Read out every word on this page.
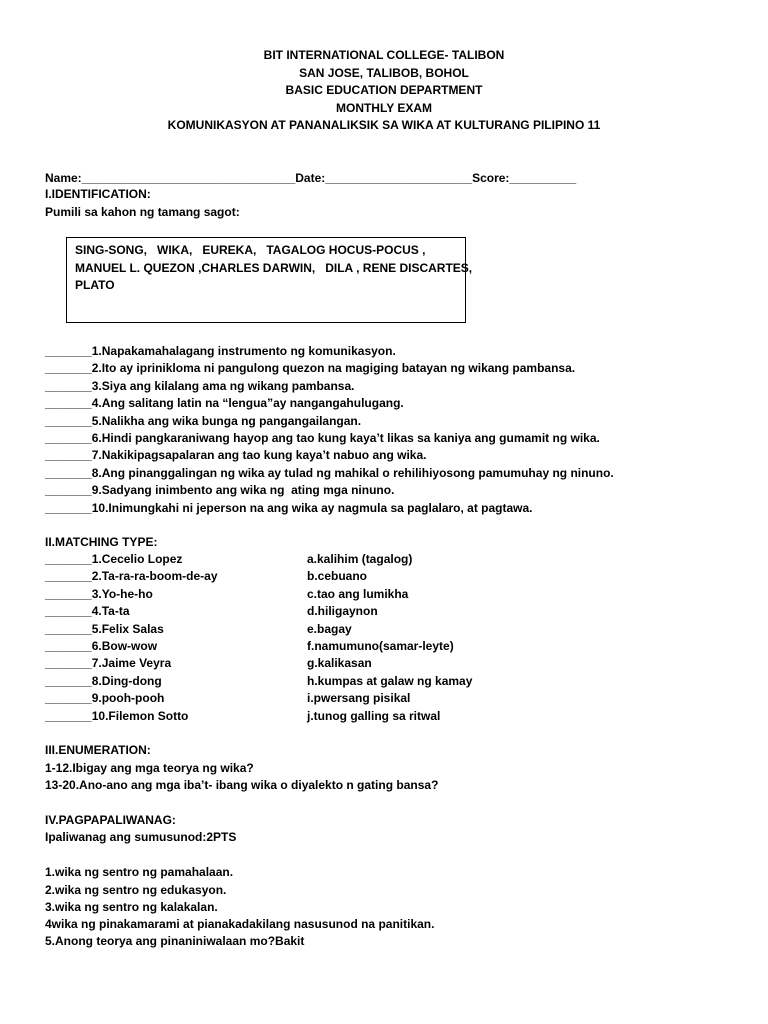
BIT INTERNATIONAL COLLEGE- TALIBON
SAN JOSE, TALIBOB, BOHOL
BASIC EDUCATION DEPARTMENT
MONTHLY EXAM
KOMUNIKASYON AT PANANALIKSIK SA WIKA AT KULTURANG PILIPINO 11
Name:________________________________Date:______________________Score:__________
I.IDENTIFICATION:
Pumili sa kahon ng tamang sagot:
SING-SONG,   WIKA,   EUREKA,   TAGALOG HOCUS-POCUS ,
MANUEL L. QUEZON ,CHARLES DARWIN,   DILA , RENE DISCARTES,
PLATO
_______1.Napakamahalagang instrumento ng komunikasyon.
_______2.Ito ay iprinikloma ni pangulong quezon na magiging batayan ng wikang pambansa.
_______3.Siya ang kilalang ama ng wikang pambansa.
_______4.Ang salitang latin na “lengua”ay nangangahulugang.
_______5.Nalikha ang wika bunga ng pangangailangan.
_______6.Hindi pangkaraniwang hayop ang tao kung kaya’t likas sa kaniya ang gumamit ng wika.
_______7.Nakikipagsapalaran ang tao kung kaya’t nabuo ang wika.
_______8.Ang pinanggalingan ng wika ay tulad ng mahikal o rehilihiyosong pamumuhay ng ninuno.
_______9.Sadyang inimbento ang wika ng  ating mga ninuno.
_______10.Inimungkahi ni jeperson na ang wika ay nagmula sa paglalaro, at pagtawa.
II.MATCHING TYPE:
_______1.Cecelio Lopez	a.kalihim (tagalog)
_______2.Ta-ra-ra-boom-de-ay	b.cebuano
_______3.Yo-he-ho	c.tao ang lumikha
_______4.Ta-ta	d.hiligaynon
_______5.Felix Salas	e.bagay
_______6.Bow-wow	f.namumuno(samar-leyte)
_______7.Jaime Veyra	g.kalikasan
_______8.Ding-dong	h.kumpas at galaw ng kamay
_______9.pooh-pooh	i.pwersang pisikal
_______10.Filemon Sotto	j.tunog galling sa ritwal
III.ENUMERATION:
1-12.Ibigay ang mga teorya ng wika?
13-20.Ano-ano ang mga iba’t- ibang wika o diyalekto n gating bansa?
IV.PAGPAPALIWANAG:
Ipaliwanag ang sumusunod:2PTS
1.wika ng sentro ng pamahalaan.
2.wika ng sentro ng edukasyon.
3.wika ng sentro ng kalakalan.
4wika ng pinakamarami at pianakadakilang nasusunod na panitikan.
5.Anong teorya ang pinaniniwalaan mo?Bakit
